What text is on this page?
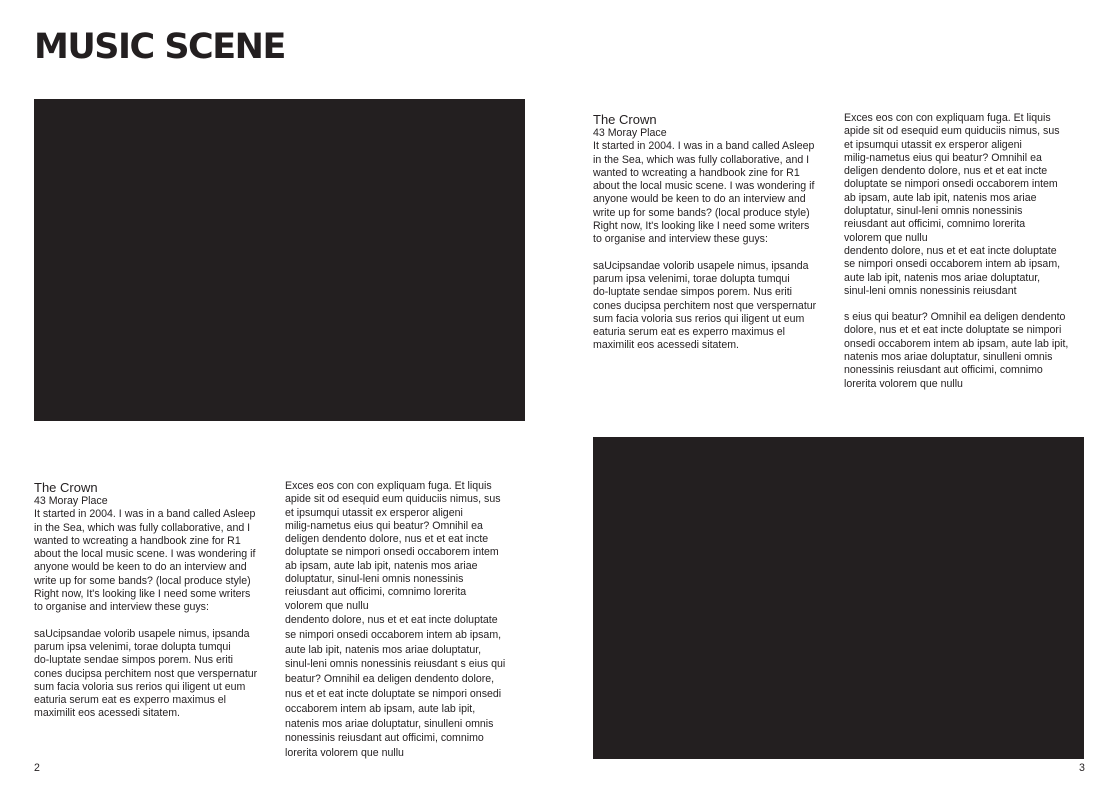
MUSIC SCENE

The Crown

43 Moray Place

It started in 2004. I was in a band called Asleep
in the Sea, which was fully collaborative, and I
wanted to wcreating a handbook zine for R1
about the local music scene. I was wondering if
anyone would be keen to do an interview and
write up for some bands? (local produce style)
Right now, It's looking like I need some writers
to organise and interview these guys:

saUcipsandae volorib usapele nimus, ipsanda
parum ipsa velenimi, torae dolupta tumqui
do-luptate sendae simpos porem. Nus eriti
cones ducipsa perchitem nost que verspernatur
sum facia voloria sus rerios qui iligent ut eum
eaturia serum eat es experro maximus el
maximilit eos acessedi sitatem.

Exces eos con con expliquam fuga. Et liquis
apide sit od esequid eum quiduciis nimus, sus
et ipsumqui utassit ex ersperor aligeni
milig-nametus eius qui beatur? Omnihil ea
deligen dendento dolore, nus et et eat incte
doluptate se nimpori onsedi occaborem intem
ab ipsam, aute lab ipit, natenis mos ariae
doluptatur, sinul-leni omnis nonessinis
reiusdant aut officimi, comnimo lorerita
volorem que nullu
dendento dolore, nus et et eat incte doluptate
se nimpori onsedi occaborem intem ab ipsam,
aute lab ipit, natenis mos ariae doluptatur,
sinul-leni omnis nonessinis reiusdant

s eius qui beatur? Omnihil ea deligen dendento
dolore, nus et et eat incte doluptate se nimpori
onsedi occaborem intem ab ipsam, aute lab ipit,
natenis mos ariae doluptatur, sinulleni omnis
nonessinis reiusdant aut officimi, comnimo
lorerita volorem que nullu

The Crown

43 Moray Place

It started in 2004. I was in a band called Asleep
in the Sea, which was fully collaborative, and I
wanted to wcreating a handbook zine for R1
about the local music scene. I was wondering if
anyone would be keen to do an interview and
write up for some bands? (local produce style)
Right now, It's looking like I need some writers
to organise and interview these guys:

saUcipsandae volorib usapele nimus, ipsanda
parum ipsa velenimi, torae dolupta tumqui
do-luptate sendae simpos porem. Nus eriti
cones ducipsa perchitem nost que verspernatur
sum facia voloria sus rerios qui iligent ut eum
eaturia serum eat es experro maximus el
maximilit eos acessedi sitatem.

Exces eos con con expliquam fuga. Et liquis
apide sit od esequid eum quiduciis nimus, sus
et ipsumqui utassit ex ersperor aligeni
milig-nametus eius qui beatur? Omnihil ea
deligen dendento dolore, nus et et eat incte
doluptate se nimpori onsedi occaborem intem
ab ipsam, aute lab ipit, natenis mos ariae
doluptatur, sinul-leni omnis nonessinis
reiusdant aut officimi, comnimo lorerita
volorem que nullu

dendento dolore, nus et et eat incte doluptate
se nimpori onsedi occaborem intem ab ipsam,
aute lab ipit, natenis mos ariae doluptatur,
sinul-leni omnis nonessinis reiusdant s eius qui
beatur? Omnihil ea deligen dendento dolore,
nus et et eat incte doluptate se nimpori onsedi
occaborem intem ab ipsam, aute lab ipit,
natenis mos ariae doluptatur, sinulleni omnis
nonessinis reiusdant aut officimi, comnimo
lorerita volorem que nullu

2	3
